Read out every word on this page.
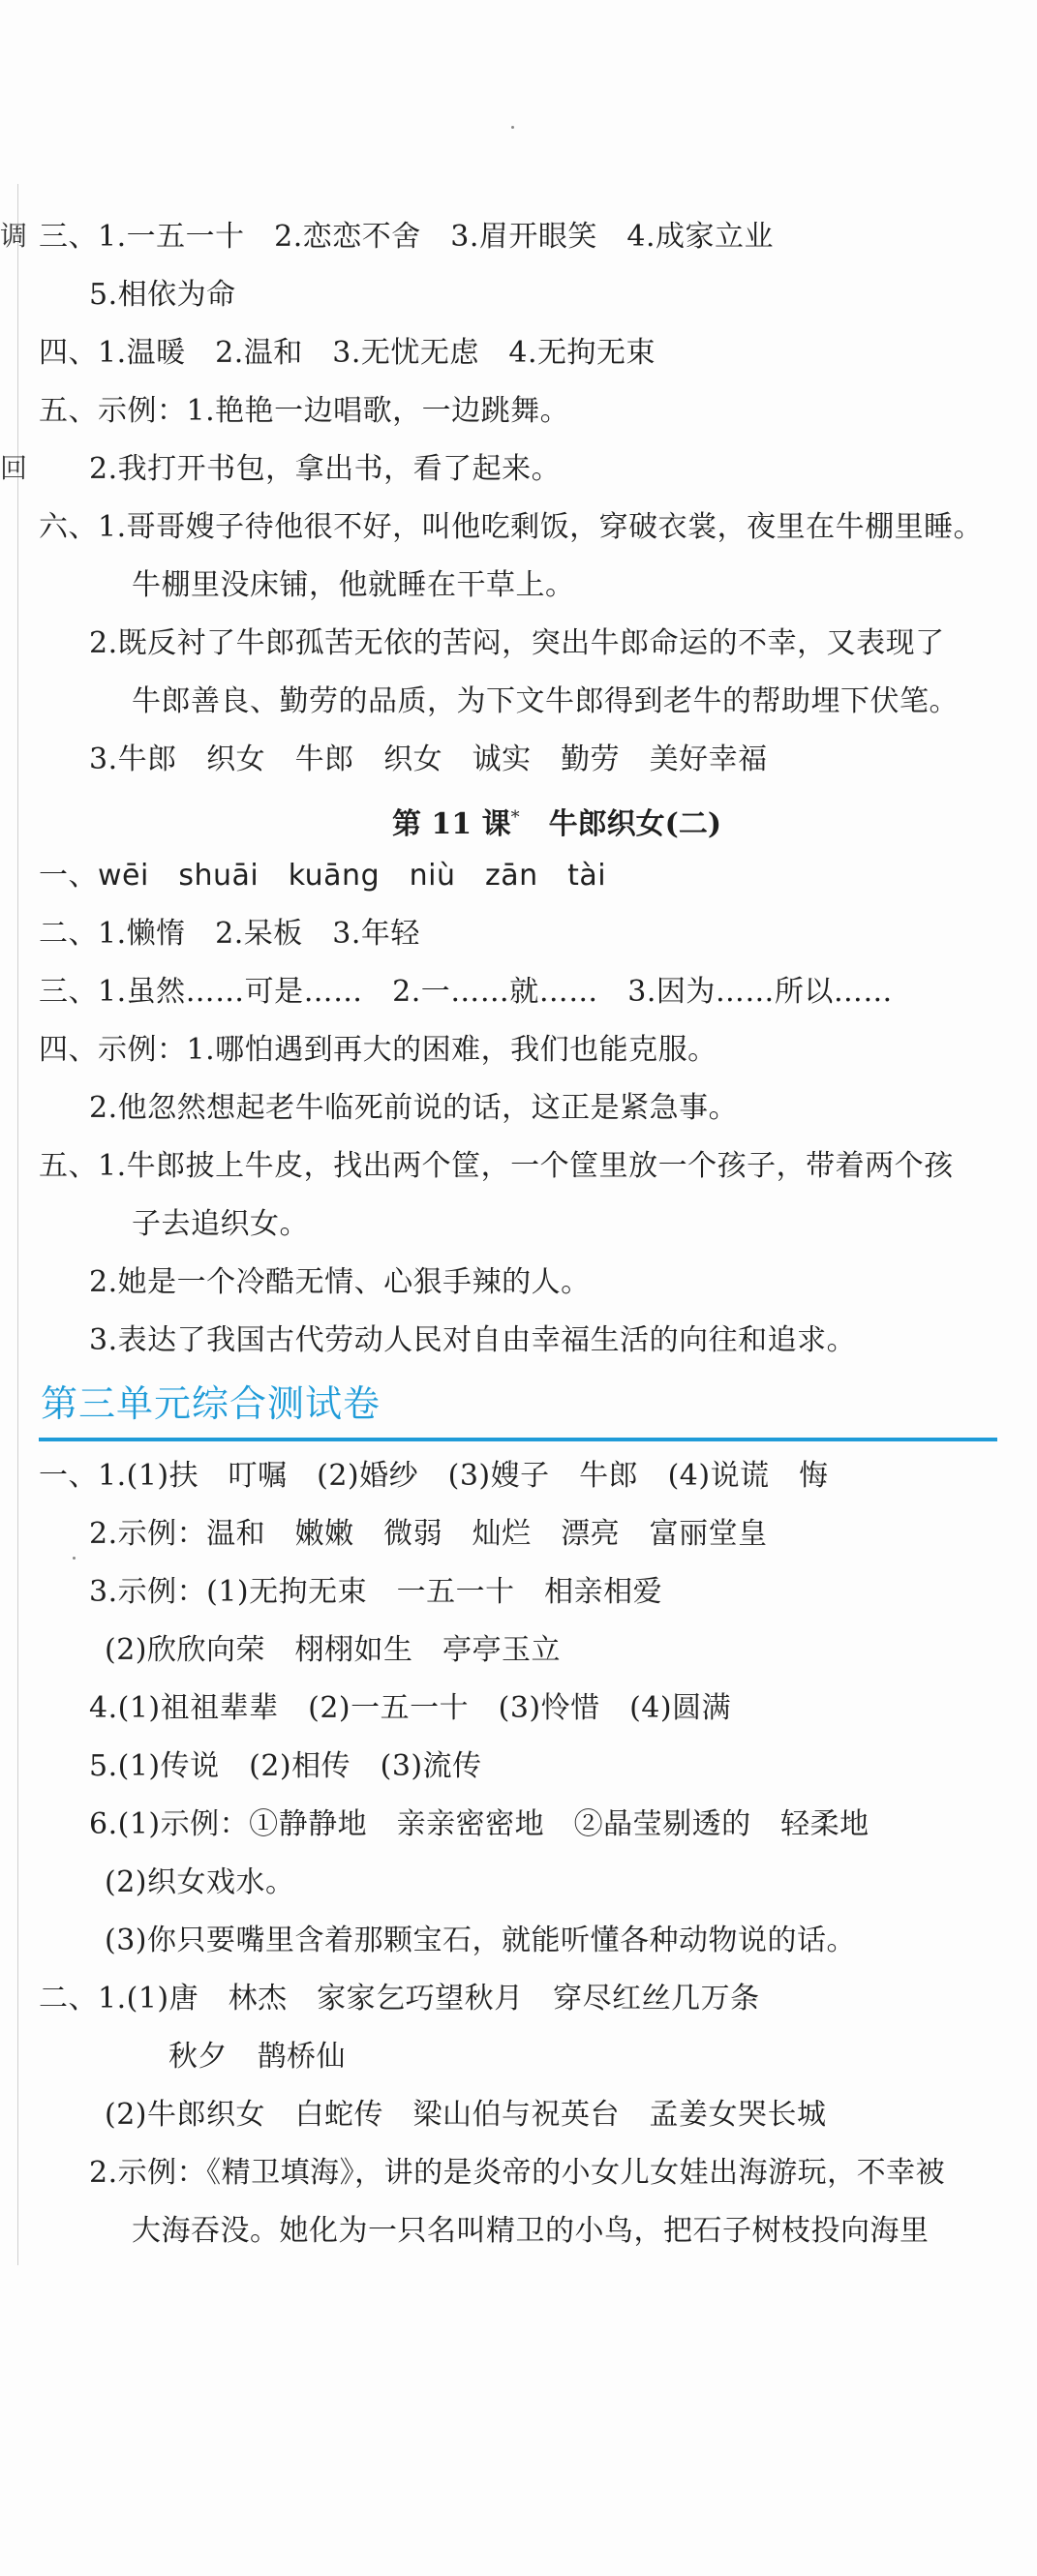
调
回
三、1.一五一十　2.恋恋不舍　3.眉开眼笑　4.成家立业
5.相依为命
四、1.温暖　2.温和　3.无忧无虑　4.无拘无束
五、示例：1.艳艳一边唱歌，一边跳舞。
2.我打开书包，拿出书，看了起来。
六、1.哥哥嫂子待他很不好，叫他吃剩饭，穿破衣裳，夜里在牛棚里睡。
牛棚里没床铺，他就睡在干草上。
2.既反衬了牛郎孤苦无依的苦闷，突出牛郎命运的不幸，又表现了
牛郎善良、勤劳的品质，为下文牛郎得到老牛的帮助埋下伏笔。
3.牛郎　织女　牛郎　织女　诚实　勤劳　美好幸福
第 11 课*　牛郎织女(二)
一、wēi　shuāi　kuāng　niù　zān　tài
二、1.懒惰　2.呆板　3.年轻
三、1.虽然……可是……　2.一……就……　3.因为……所以……
四、示例：1.哪怕遇到再大的困难，我们也能克服。
2.他忽然想起老牛临死前说的话，这正是紧急事。
五、1.牛郎披上牛皮，找出两个筐，一个筐里放一个孩子，带着两个孩
子去追织女。
2.她是一个冷酷无情、心狠手辣的人。
3.表达了我国古代劳动人民对自由幸福生活的向往和追求。
第三单元综合测试卷
一、1.(1)扶　叮嘱　(2)婚纱　(3)嫂子　牛郎　(4)说谎　悔
2.示例：温和　嫩嫩　微弱　灿烂　漂亮　富丽堂皇
3.示例：(1)无拘无束　一五一十　相亲相爱
(2)欣欣向荣　栩栩如生　亭亭玉立
4.(1)祖祖辈辈　(2)一五一十　(3)怜惜　(4)圆满
5.(1)传说　(2)相传　(3)流传
6.(1)示例：①静静地　亲亲密密地　②晶莹剔透的　轻柔地
(2)织女戏水。
(3)你只要嘴里含着那颗宝石，就能听懂各种动物说的话。
二、1.(1)唐　林杰　家家乞巧望秋月　穿尽红丝几万条
秋夕　鹊桥仙
(2)牛郎织女　白蛇传　梁山伯与祝英台　孟姜女哭长城
2.示例：《精卫填海》，讲的是炎帝的小女儿女娃出海游玩，不幸被
大海吞没。她化为一只名叫精卫的小鸟，把石子树枝投向海里
